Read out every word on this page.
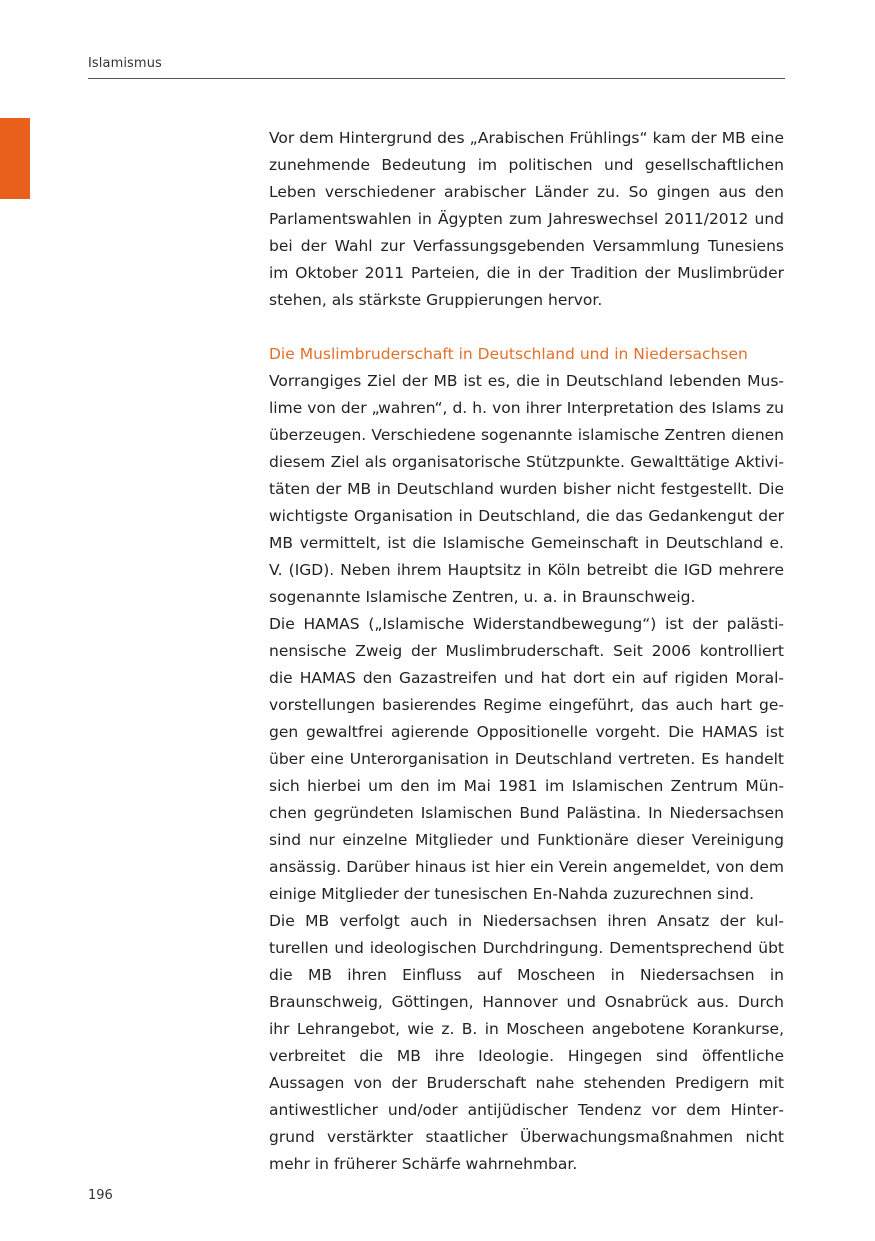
Islamismus

Vor dem Hintergrund des „Arabischen Frühlings“ kam der MB eine zunehmende Bedeutung im politischen und gesellschaftlichen Leben verschiedener arabischer Länder zu. So gingen aus den Parlamentswahlen in Ägypten zum Jahreswechsel 2011/2012 und bei der Wahl zur Verfassungsgebenden Versammlung Tunesiens im Oktober 2011 Parteien, die in der Tradition der Muslimbrüder stehen, als stärkste Gruppierungen hervor.

Die Muslimbruderschaft in Deutschland und in Niedersachsen

Vorrangiges Ziel der MB ist es, die in Deutschland lebenden Muslime von der „wahren“, d. h. von ihrer Interpretation des Islams zu überzeugen. Verschiedene sogenannte islamische Zentren dienen diesem Ziel als organisatorische Stützpunkte. Gewalttätige Aktivitäten der MB in Deutschland wurden bisher nicht festgestellt. Die wichtigste Organisation in Deutschland, die das Gedankengut der MB vermittelt, ist die Islamische Gemeinschaft in Deutschland e. V. (IGD). Neben ihrem Hauptsitz in Köln betreibt die IGD mehrere sogenannte Islamische Zentren, u. a. in Braunschweig.

Die HAMAS („Islamische Widerstandbewegung“) ist der palästinensische Zweig der Muslimbruderschaft. Seit 2006 kontrolliert die HAMAS den Gazastreifen und hat dort ein auf rigiden Moralvorstellungen basierendes Regime eingeführt, das auch hart gegen gewaltfrei agierende Oppositionelle vorgeht. Die HAMAS ist über eine Unterorganisation in Deutschland vertreten. Es handelt sich hierbei um den im Mai 1981 im Islamischen Zentrum München gegründeten Islamischen Bund Palästina. In Niedersachsen sind nur einzelne Mitglieder und Funktionäre dieser Vereinigung ansässig. Darüber hinaus ist hier ein Verein angemeldet, von dem einige Mitglieder der tunesischen En-Nahda zuzurechnen sind.

Die MB verfolgt auch in Niedersachsen ihren Ansatz der kulturellen und ideologischen Durchdringung. Dementsprechend übt die MB ihren Einfluss auf Moscheen in Niedersachsen in Braunschweig, Göttingen, Hannover und Osnabrück aus. Durch ihr Lehrangebot, wie z. B. in Moscheen angebotene Korankurse, verbreitet die MB ihre Ideologie. Hingegen sind öffentliche Aussagen von der Bruderschaft nahe stehenden Predigern mit antiwestlicher und/oder antijüdischer Tendenz vor dem Hintergrund verstärkter staatlicher Überwachungsmaßnahmen nicht mehr in früherer Schärfe wahrnehmbar.

196
